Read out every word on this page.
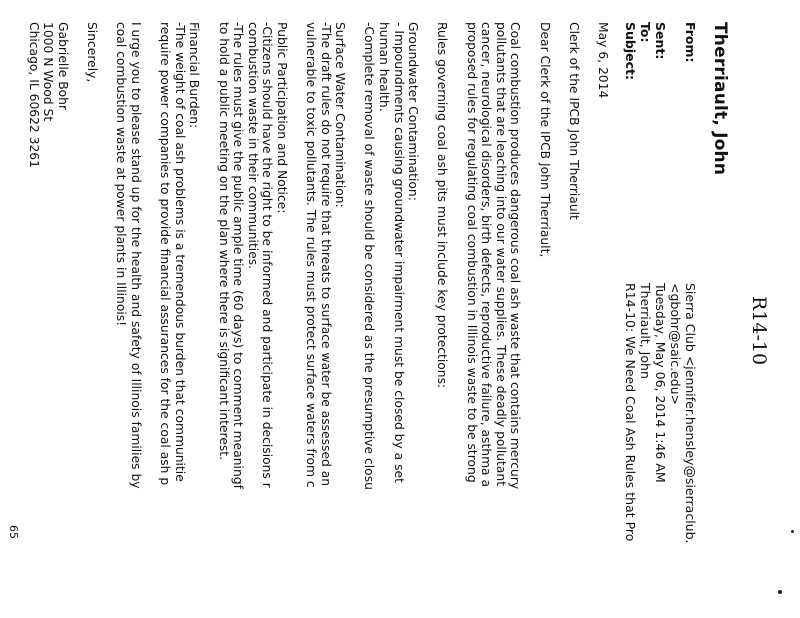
R14-10
Therriault, John
From:
Sierra Club <jennifer.hensley@sierraclub.
<gbohr@saic.edu>
Sent:
Tuesday, May 06, 2014 1:46 AM
To:
Therriault, John
Subject:
R14-10: We Need Coal Ash Rules that Pro

May 6, 2014

Clerk of the IPCB John Therriault

Dear Clerk of the IPCB John Therriault,

Coal combustion produces dangerous coal ash waste that contains mercury

pollutants that are leaching into our water supplies. These deadly pollutant

cancer, neurological disorders, birth defects, reproductive failure, asthma a

proposed rules for regulating coal combustion in Illinois waste to be strong

Rules governing coal ash pits must include key protections:

Groundwater Contamination:

- Impoundments causing groundwater impairment must be closed by a set

human health.

-Complete removal of waste should be considered as the presumptive closu

Surface Water Contamination:

-The draft rules do not require that threats to surface water be assessed an

vulnerable to toxic pollutants. The rules must protect surface waters from c

Public Participation and Notice:

-Citizens should have the right to be informed and participate in decisions r

combustion waste in their communities.

-The rules must give the public ample time (60 days) to comment meaningf

to hold a public meeting on the plan where there is significant interest.

Financial Burden:

-The weight of coal ash problems is a tremendous burden that communitie

require power companies to provide financial assurances for the coal ash p

I urge you to please stand up for the health and safety of Illinois families by

coal combustion waste at power plants in Illinois!

Sincerely,

Gabrielle Bohr

1000 N Wood St

Chicago, IL 60622 3261

65
